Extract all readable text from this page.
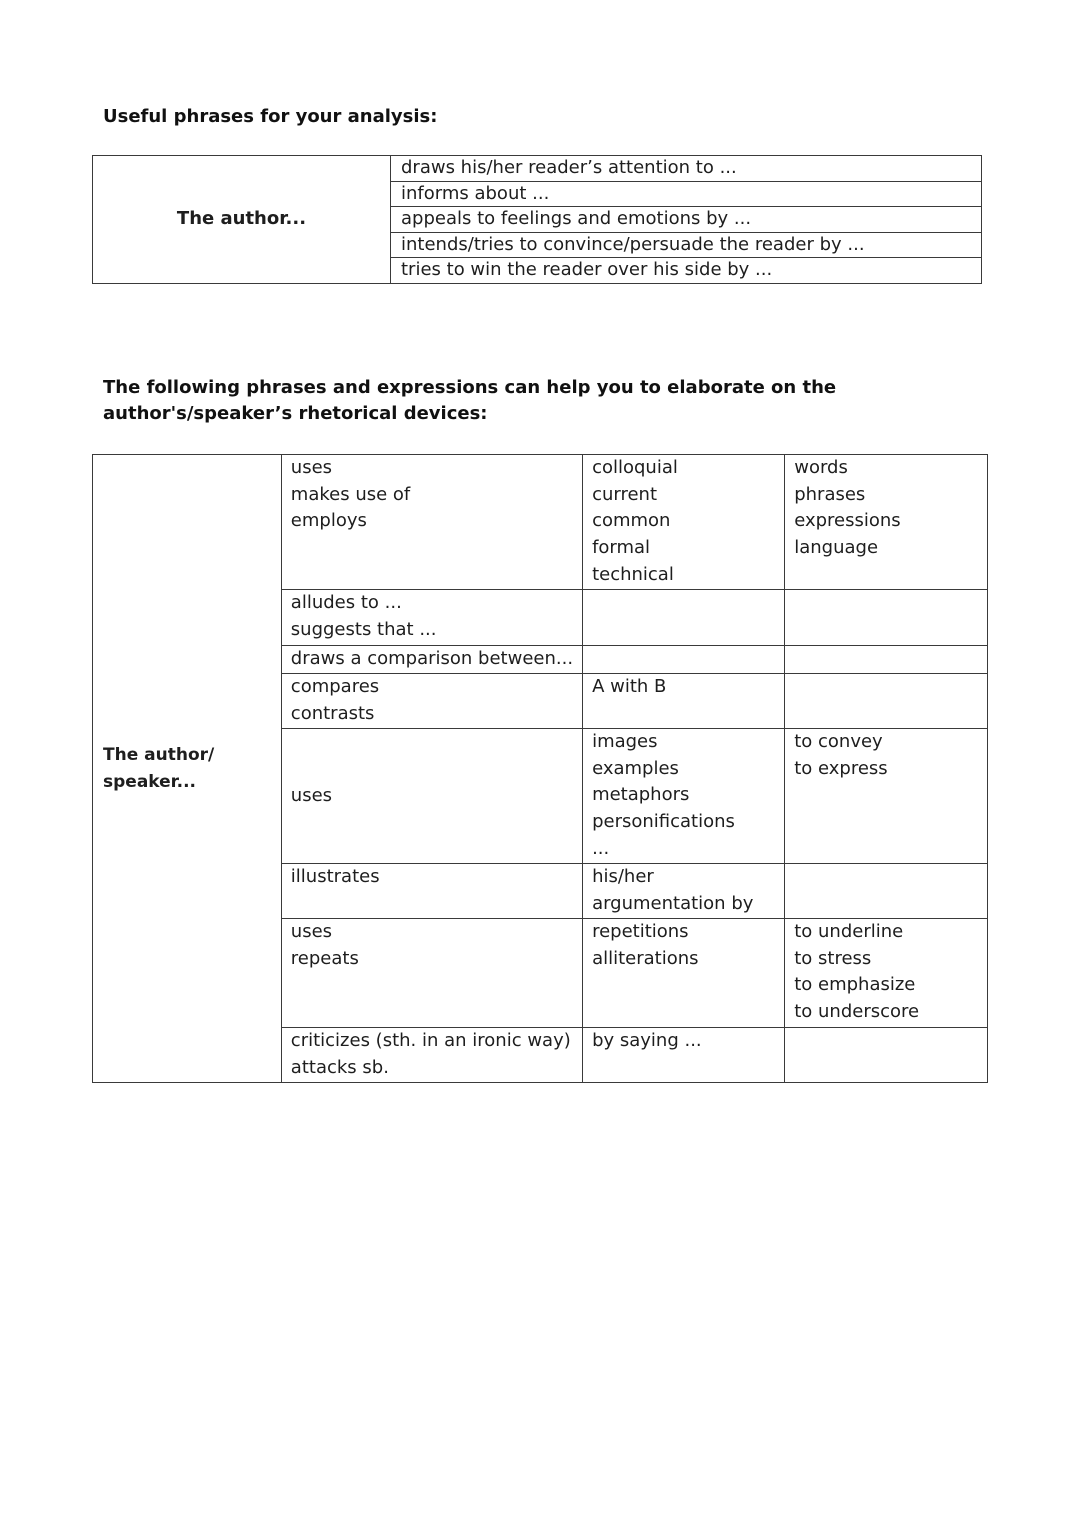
Useful phrases for your analysis:

The author...	draws his/her reader’s attention to ...
informs about ...
appeals to feelings and emotions by ...
intends/tries to convince/persuade the reader by ...
tries to win the reader over his side by ...

The following phrases and expressions can help you to elaborate on the author's/speaker’s rhetorical devices:

The author/
speaker...	uses
makes use of
employs	colloquial
current
common
formal
technical	words
phrases
expressions
language

	alludes to ...
suggests that ...		

	draws a comparison between...		

	compares
contrasts	A with B	

	uses	images
examples
metaphors
personifications
...	to convey
to express

	illustrates	his/her
argumentation by	

	uses
repeats	repetitions
alliterations	to underline
to stress
to emphasize
to underscore

	criticizes (sth. in an ironic way)
attacks sb.	by saying ...	
